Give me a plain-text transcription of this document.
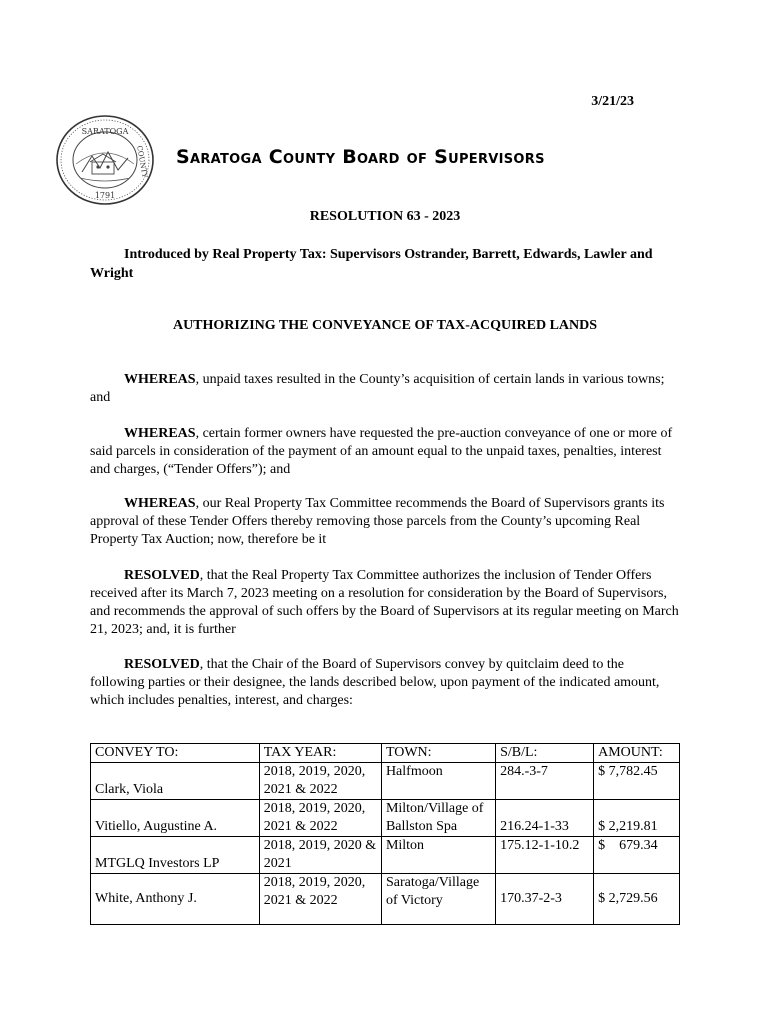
3/21/23
SARATOGA
COUNTY
1791
Saratoga County Board of Supervisors
RESOLUTION 63 - 2023
Introduced by Real Property Tax: Supervisors Ostrander, Barrett, Edwards, Lawler and Wright
AUTHORIZING THE CONVEYANCE OF TAX-ACQUIRED LANDS
WHEREAS, unpaid taxes resulted in the County’s acquisition of certain lands in various towns; and
WHEREAS, certain former owners have requested the pre-auction conveyance of one or more of said parcels in consideration of the payment of an amount equal to the unpaid taxes, penalties, interest and charges, (“Tender Offers”); and
WHEREAS, our Real Property Tax Committee recommends the Board of Supervisors grants its approval of these Tender Offers thereby removing those parcels from the County’s upcoming Real Property Tax Auction; now, therefore be it
RESOLVED, that the Real Property Tax Committee authorizes the inclusion of Tender Offers received after its March 7, 2023 meeting on a resolution for consideration by the Board of Supervisors, and recommends the approval of such offers by the Board of Supervisors at its regular meeting on March 21, 2023; and, it is further
RESOLVED, that the Chair of the Board of Supervisors convey by quitclaim deed to the following parties or their designee, the lands described below, upon payment of the indicated amount, which includes penalties, interest, and charges:
CONVEY TO:	TAX YEAR:	TOWN:	S/B/L:	AMOUNT:
Clark, Viola	2018, 2019, 2020, 2021 & 2022	Halfmoon	284.-3-7	$ 7,782.45
Vitiello, Augustine A.	2018, 2019, 2020, 2021 & 2022	Milton/Village of Ballston Spa	216.24-1-33	$ 2,219.81
MTGLQ Investors LP	2018, 2019, 2020 & 2021	Milton	175.12-1-10.2	$    679.34
White, Anthony J.	2018, 2019, 2020, 2021 & 2022	Saratoga/Village of Victory	170.37-2-3	$ 2,729.56
